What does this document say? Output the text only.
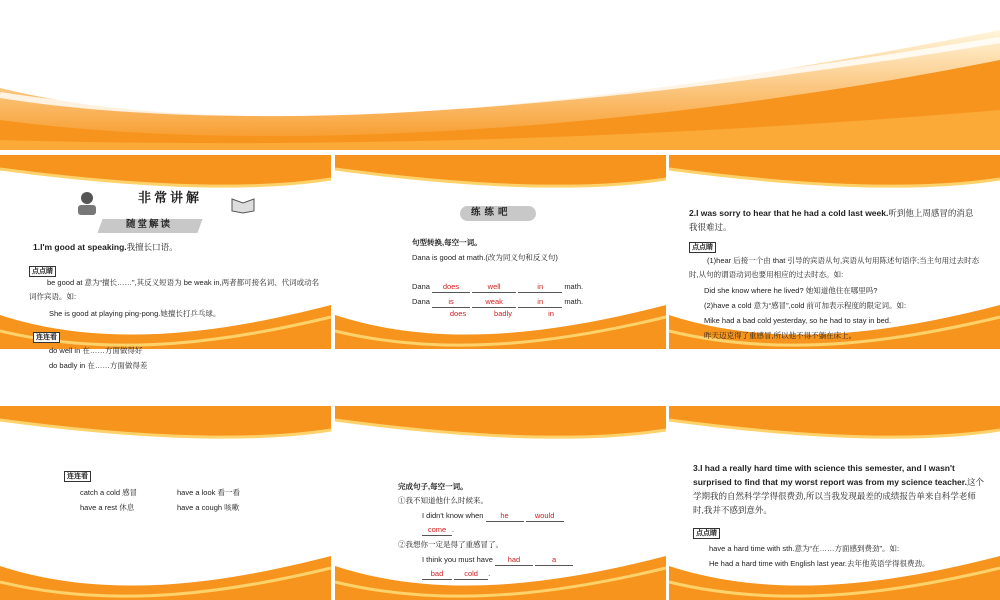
非常讲解
随堂解读
1.I'm good at speaking.我擅长口语。
点点睛
be good at 意为“擅长……”,其反义短语为 be weak in,两者都可接名词、代词或动名词作宾语。如:
She is good at playing ping-pong.她擅长打乒乓球。
连连看
do well in 在……方面做得好
do badly in 在……方面做得差
练练吧
句型转换,每空一词。
Dana is good at math.(改为同义句和反义句)
Dana does	well	in	math.
Dana is	weak	in	math.
does	badly	in
2.I was sorry to hear that he had a cold last week.听到他上周感冒的消息我很难过。
点点睛
(1)hear 后接一个由 that 引导的宾语从句,宾语从句用陈述句语序;当主句用过去时态时,从句的谓语动词也要用相应的过去时态。如:
Did she know where he lived? 她知道他住在哪里吗?
(2)have a cold 意为“感冒”,cold 前可加表示程度的限定词。如:
Mike had a bad cold yesterday, so he had to stay in bed.
昨天迈克得了重感冒,所以他不得不躺在床上。
连连看
catch a cold 感冒	have a look 看一看
have a rest 休息	have a cough 咳嗽
完成句子,每空一词。
①我不知道他什么时候来。
I didn't know when he	would
come .
②我想你一定是得了重感冒了。
I think you must have had	a
bad	cold .
3.I had a really hard time with science this semester, and I wasn't surprised to find that my worst report was from my science teacher.这个学期我的自然科学学得很费劲,所以当我发现最差的成绩报告单来自科学老师时,我并不感到意外。
点点睛
have a hard time with sth.意为“在……方面感到费劲”。如:
He had a hard time with English last year.去年他英语学得很费劲。
